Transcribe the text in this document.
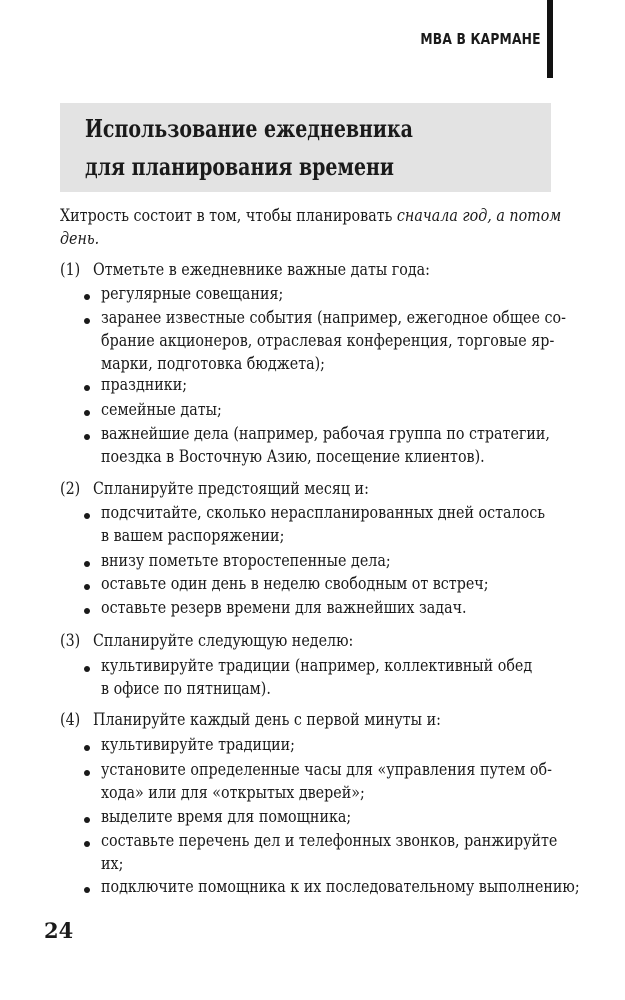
MBA В КАРМАНЕ
Использование ежедневника
для планирования времени
Хитрость состоит в том, чтобы планировать сначала год, а потом
день.
(1) Отметьте в ежедневнике важные даты года:
регулярные совещания;
заранее известные события (например, ежегодное общее со-
брание акционеров, отраслевая конференция, торговые яр-
марки, подготовка бюджета);
праздники;
семейные даты;
важнейшие дела (например, рабочая группа по стратегии,
поездка в Восточную Азию, посещение клиентов).
(2) Спланируйте предстоящий месяц и:
подсчитайте, сколько нераспланированных дней осталось
в вашем распоряжении;
внизу пометьте второстепенные дела;
оставьте один день в неделю свободным от встреч;
оставьте резерв времени для важнейших задач.
(3) Спланируйте следующую неделю:
культивируйте традиции (например, коллективный обед
в офисе по пятницам).
(4) Планируйте каждый день с первой минуты и:
культивируйте традиции;
установите определенные часы для «управления путем об-
хода» или для «открытых дверей»;
выделите время для помощника;
составьте перечень дел и телефонных звонков, ранжируйте
их;
подключите помощника к их последовательному выполнению;
24
